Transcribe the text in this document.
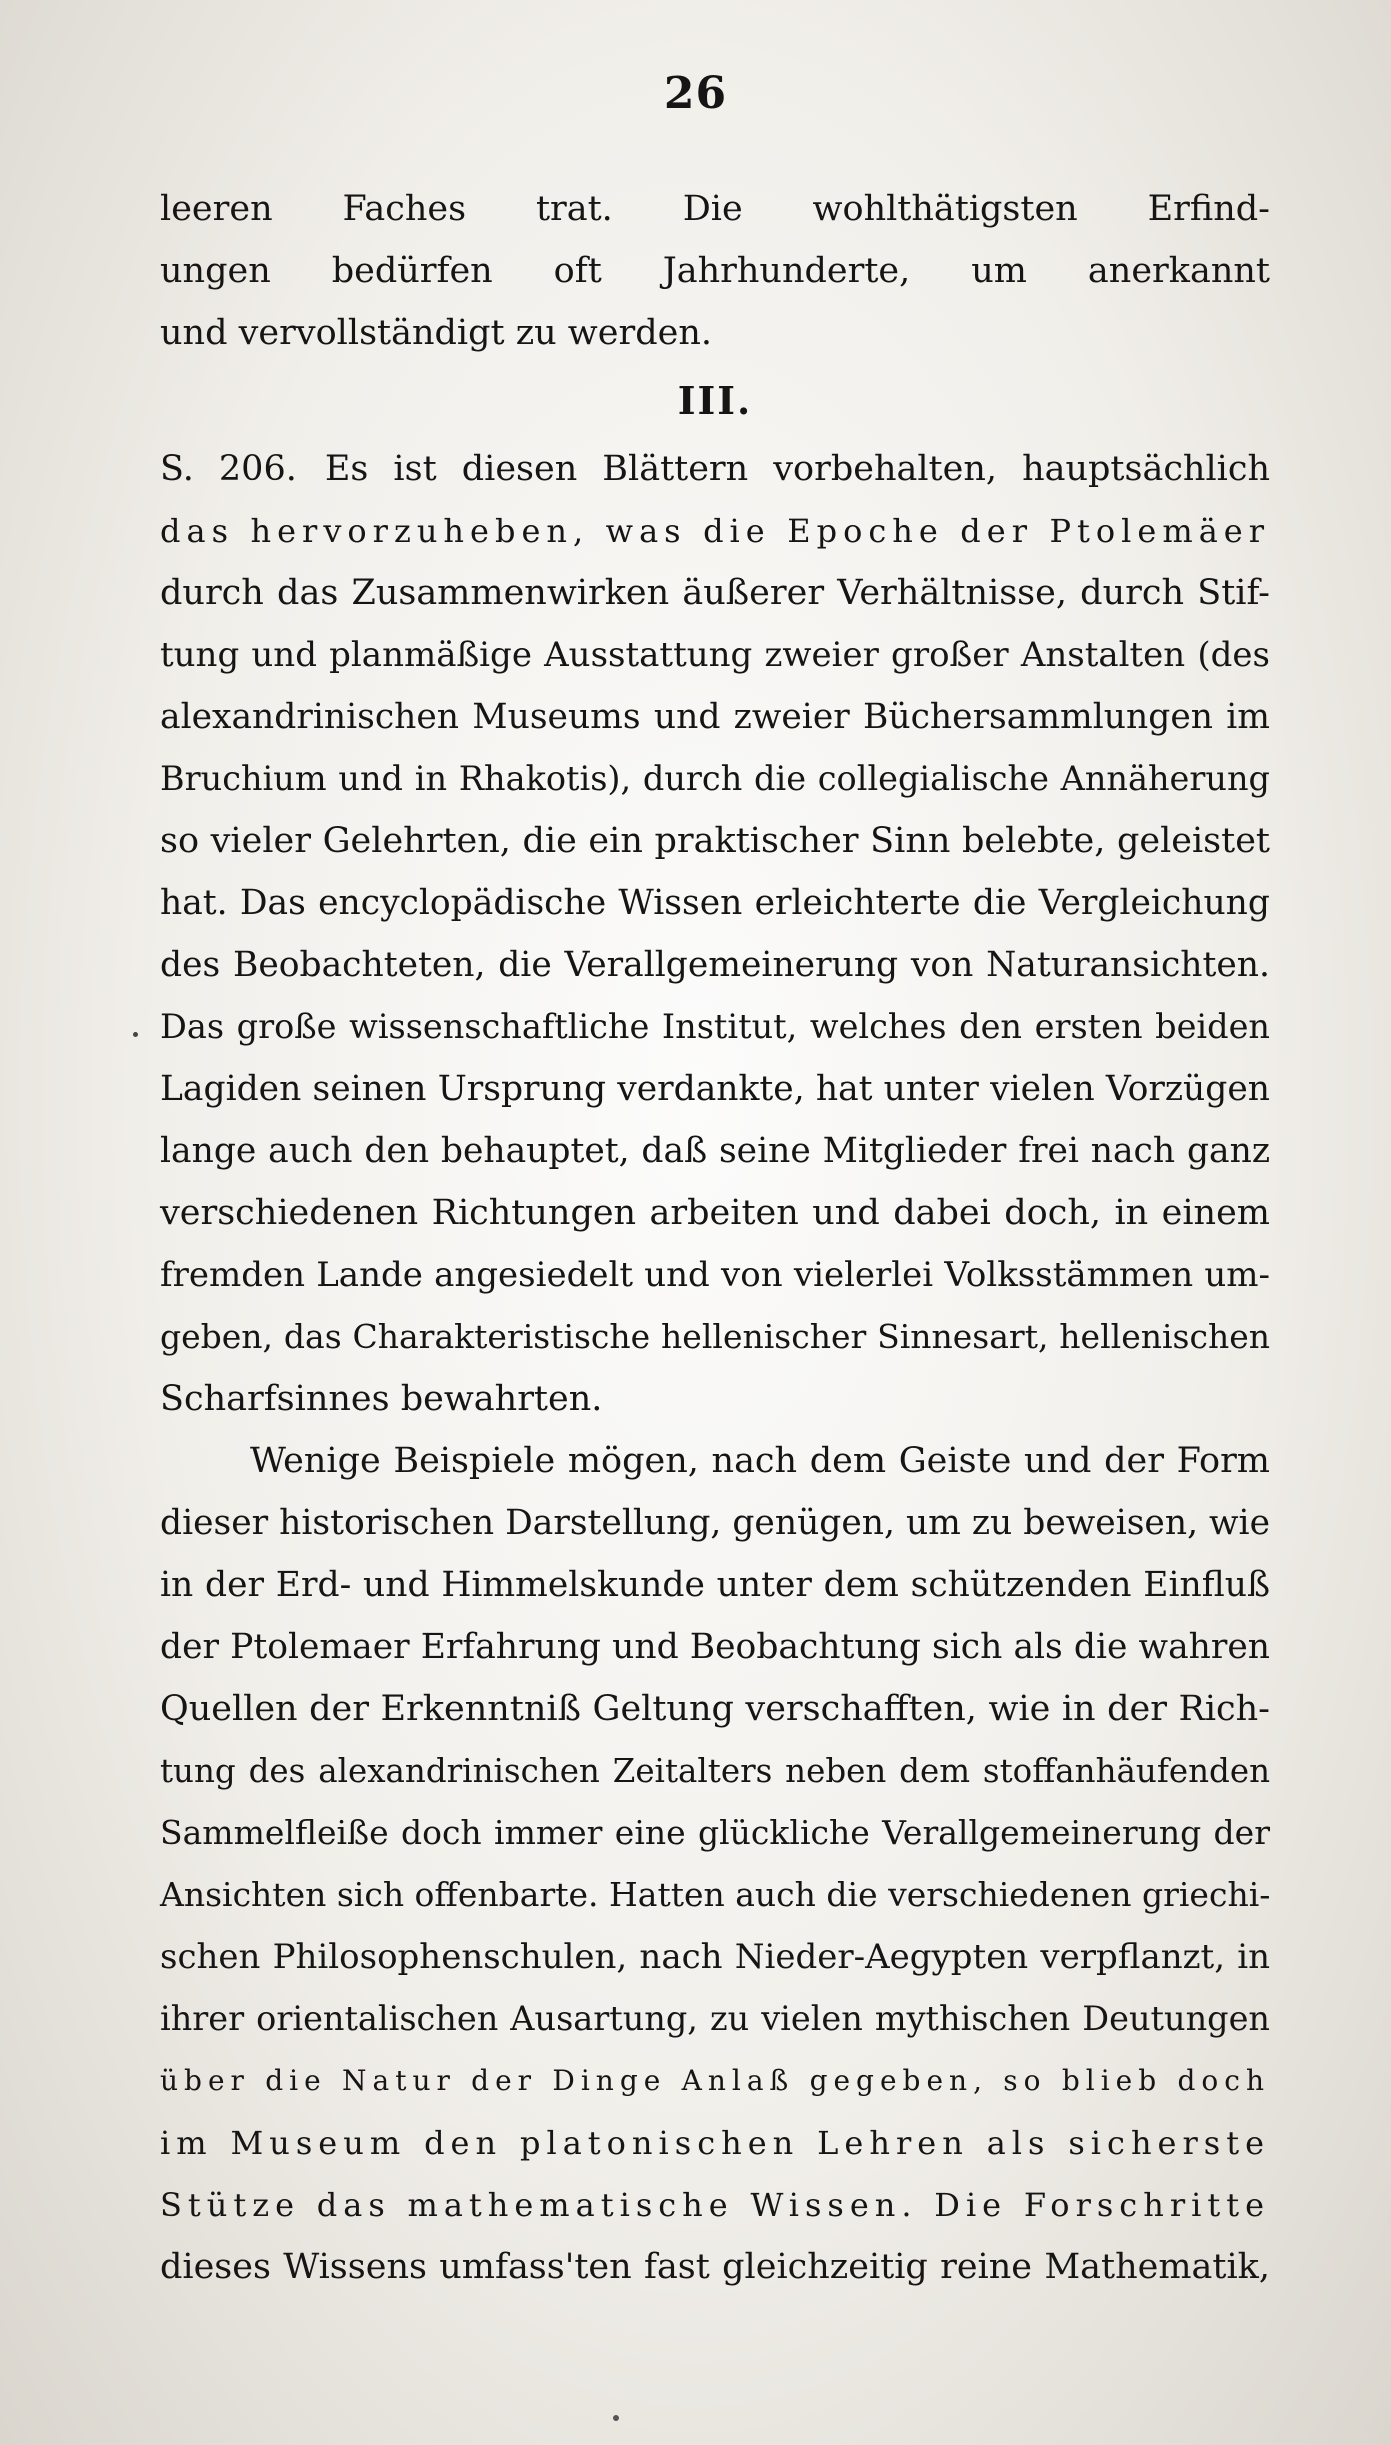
26
leeren Faches trat. Die wohlthätigsten Erfind-
ungen bedürfen oft Jahrhunderte, um anerkannt
und vervollständigt zu werden.
III.
S. 206. Es ist diesen Blättern vorbehalten, hauptsächlich
das hervorzuheben, was die Epoche der Ptolemäer
durch das Zusammenwirken äußerer Verhältnisse, durch Stif-
tung und planmäßige Ausstattung zweier großer Anstalten (des
alexandrinischen Museums und zweier Büchersammlungen im
Bruchium und in Rhakotis), durch die collegialische Annäherung
so vieler Gelehrten, die ein praktischer Sinn belebte, geleistet
hat. Das encyclopädische Wissen erleichterte die Vergleichung
des Beobachteten, die Verallgemeinerung von Naturansichten.
Das große wissenschaftliche Institut, welches den ersten beiden
Lagiden seinen Ursprung verdankte, hat unter vielen Vorzügen
lange auch den behauptet, daß seine Mitglieder frei nach ganz
verschiedenen Richtungen arbeiten und dabei doch, in einem
fremden Lande angesiedelt und von vielerlei Volksstämmen um-
geben, das Charakteristische hellenischer Sinnesart, hellenischen
Scharfsinnes bewahrten.
Wenige Beispiele mögen, nach dem Geiste und der Form
dieser historischen Darstellung, genügen, um zu beweisen, wie
in der Erd- und Himmelskunde unter dem schützenden Einfluß
der Ptolemaer Erfahrung und Beobachtung sich als die wahren
Quellen der Erkenntniß Geltung verschafften, wie in der Rich-
tung des alexandrinischen Zeitalters neben dem stoffanhäufenden
Sammelfleiße doch immer eine glückliche Verallgemeinerung der
Ansichten sich offenbarte. Hatten auch die verschiedenen griechi-
schen Philosophenschulen, nach Nieder-Aegypten verpflanzt, in
ihrer orientalischen Ausartung, zu vielen mythischen Deutungen
über die Natur der Dinge Anlaß gegeben, so blieb doch
im Museum den platonischen Lehren als sicherste
Stütze das mathematische Wissen. Die Forschritte
dieses Wissens umfass'ten fast gleichzeitig reine Mathematik,
